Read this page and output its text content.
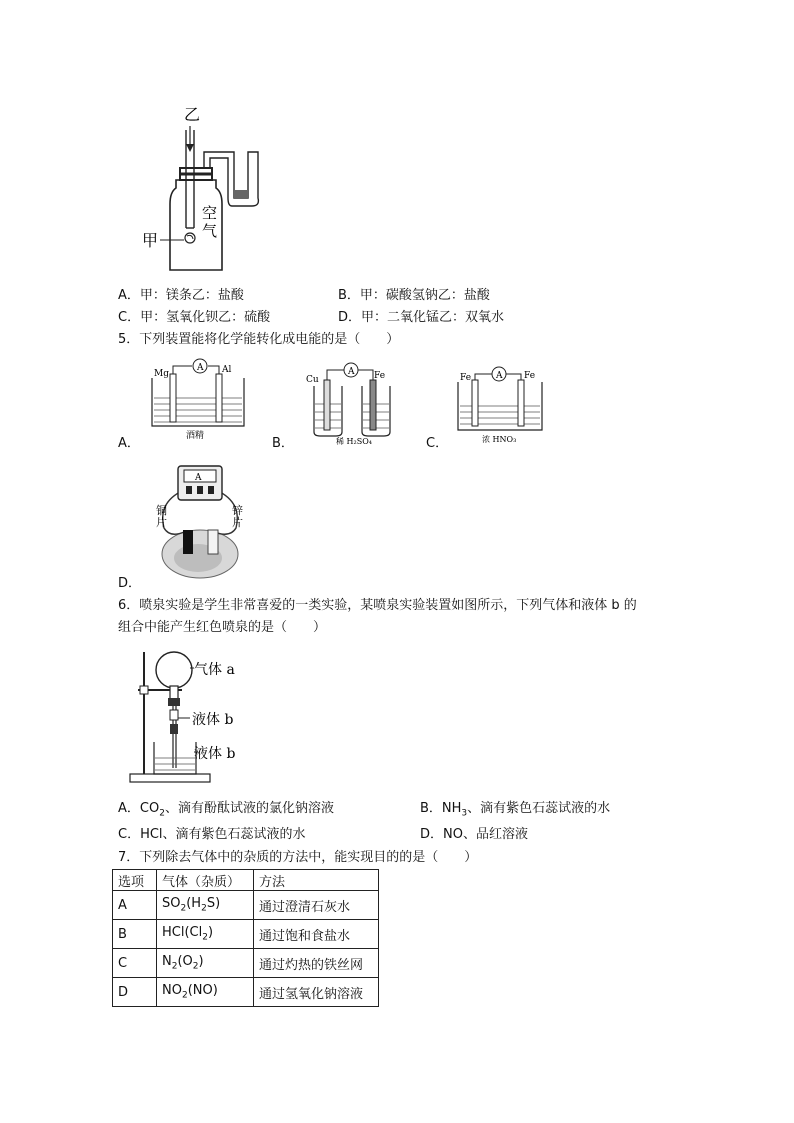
乙
甲
空
气
A．甲：镁条乙：盐酸	B．甲：碳酸氢钠乙：盐酸
C．甲：氢氧化钡乙：硫酸	D．甲：二氧化锰乙：双氧水
5．下列装置能将化学能转化成电能的是（　　）
A
Mg	Al
酒精
A．
A
Cu	Fe
稀 H₂SO₄
B．
A
Fe	Fe
浓 HNO₃
C．
A
铜
片
锌
片
D．
6．喷泉实验是学生非常喜爱的一类实验，某喷泉实验装置如图所示，下列气体和液体 b 的
组合中能产生红色喷泉的是（　　）
气体 a
液体 b
液体 b
A．$CO_2$、滴有酚酞试液的氯化钠溶液	B．$NH_3$、滴有紫色石蕊试液的水
C．HCl、滴有紫色石蕊试液的水	D．NO、品红溶液
7．下列除去气体中的杂质的方法中，能实现目的的是（　　）
选项	气体（杂质）	方法
A	$SO_2(H_2S)$	通过澄清石灰水
B	$HCl(Cl_2)$	通过饱和食盐水
C	$N_2(O_2)$	通过灼热的铁丝网
D	$NO_2(NO)$	通过氢氧化钠溶液
